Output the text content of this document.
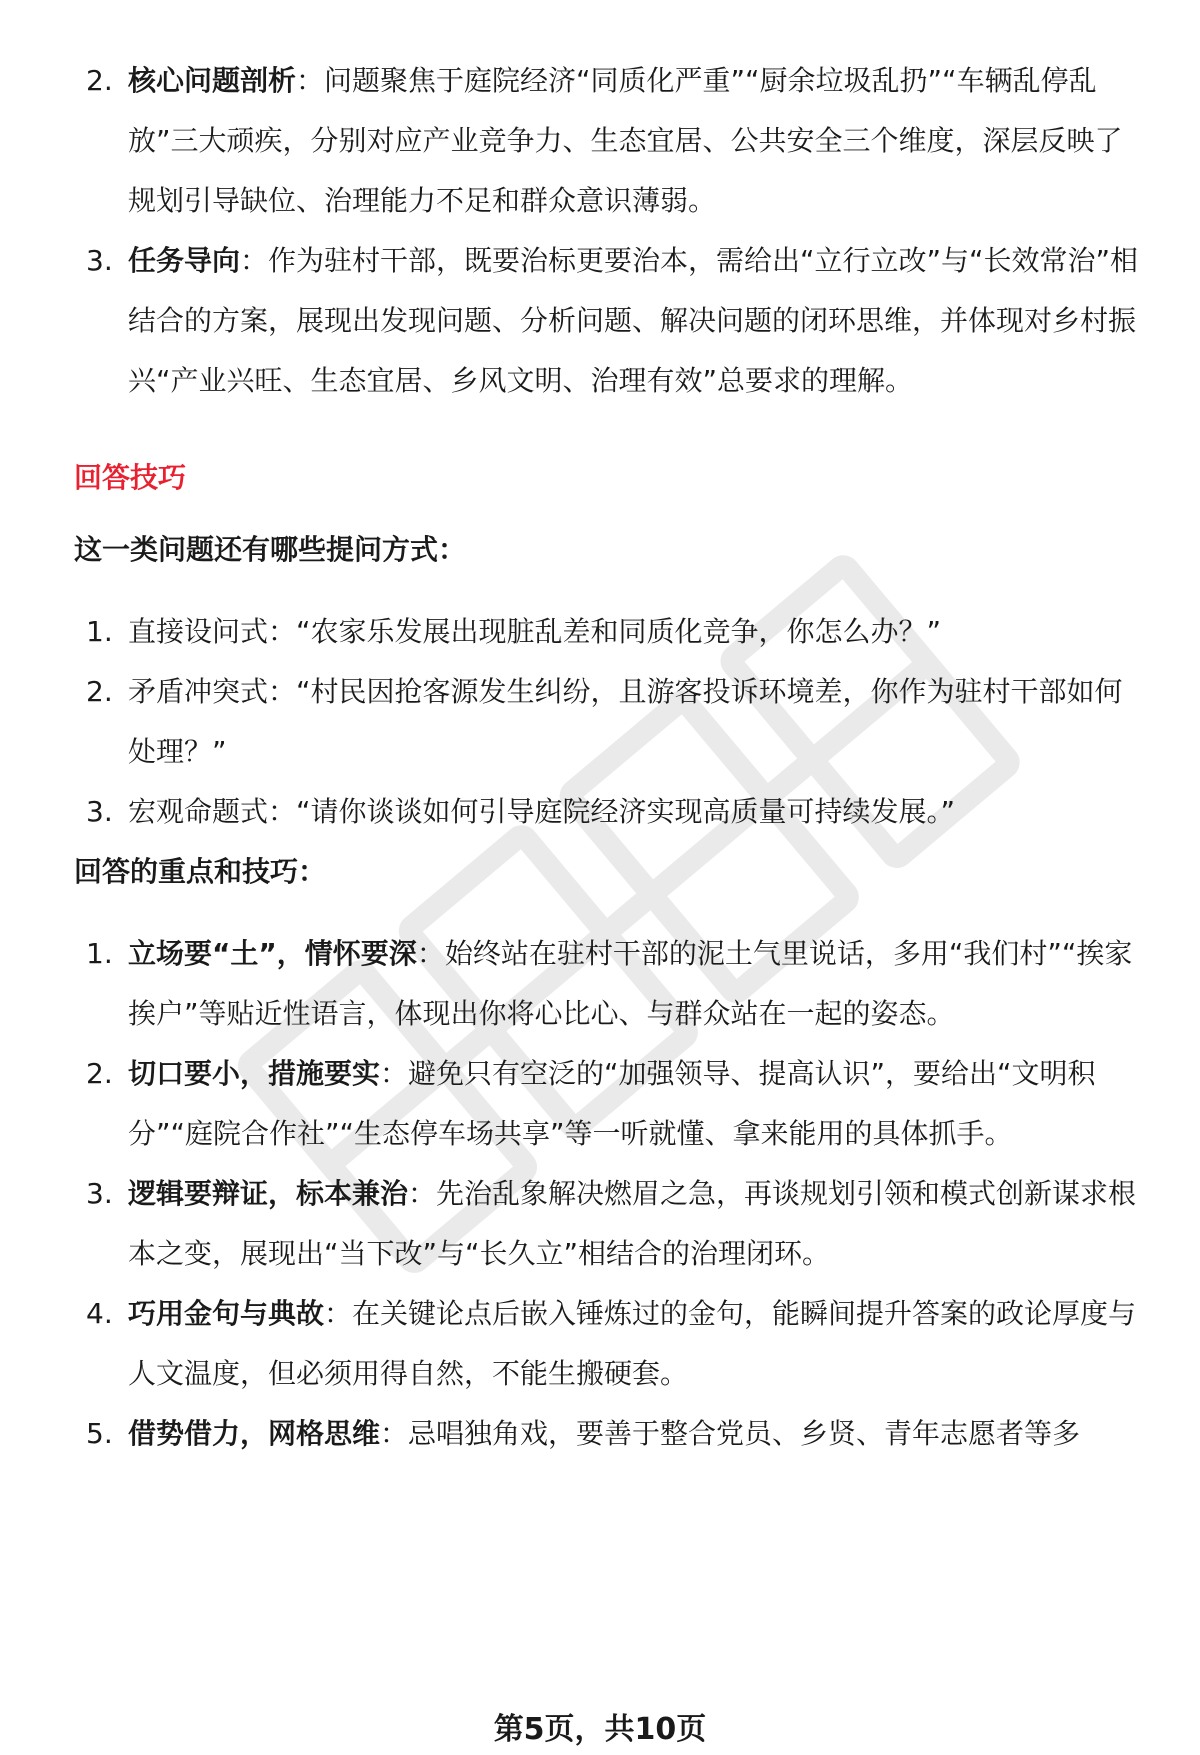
2. 核心问题剖析：问题聚焦于庭院经济“同质化严重”“厨余垃圾乱扔”“车辆乱停乱放”三大顽疾，分别对应产业竞争力、生态宜居、公共安全三个维度，深层反映了规划引导缺位、治理能力不足和群众意识薄弱。
3. 任务导向：作为驻村干部，既要治标更要治本，需给出“立行立改”与“长效常治”相结合的方案，展现出发现问题、分析问题、解决问题的闭环思维，并体现对乡村振兴“产业兴旺、生态宜居、乡风文明、治理有效”总要求的理解。
回答技巧
这一类问题还有哪些提问方式：
1. 直接设问式：“农家乐发展出现脏乱差和同质化竞争，你怎么办？”
2. 矛盾冲突式：“村民因抢客源发生纠纷，且游客投诉环境差，你作为驻村干部如何处理？”
3. 宏观命题式：“请你谈谈如何引导庭院经济实现高质量可持续发展。”
回答的重点和技巧：
1. 立场要“土”，情怀要深：始终站在驻村干部的泥土气里说话，多用“我们村”“挨家挨户”等贴近性语言，体现出你将心比心、与群众站在一起的姿态。
2. 切口要小，措施要实：避免只有空泛的“加强领导、提高认识”，要给出“文明积分”“庭院合作社”“生态停车场共享”等一听就懂、拿来能用的具体抓手。
3. 逻辑要辩证，标本兼治：先治乱象解决燃眉之急，再谈规划引领和模式创新谋求根本之变，展现出“当下改”与“长久立”相结合的治理闭环。
4. 巧用金句与典故：在关键论点后嵌入锤炼过的金句，能瞬间提升答案的政论厚度与人文温度，但必须用得自然，不能生搬硬套。
5. 借势借力，网格思维：忌唱独角戏，要善于整合党员、乡贤、青年志愿者等多
第5页，共10页
